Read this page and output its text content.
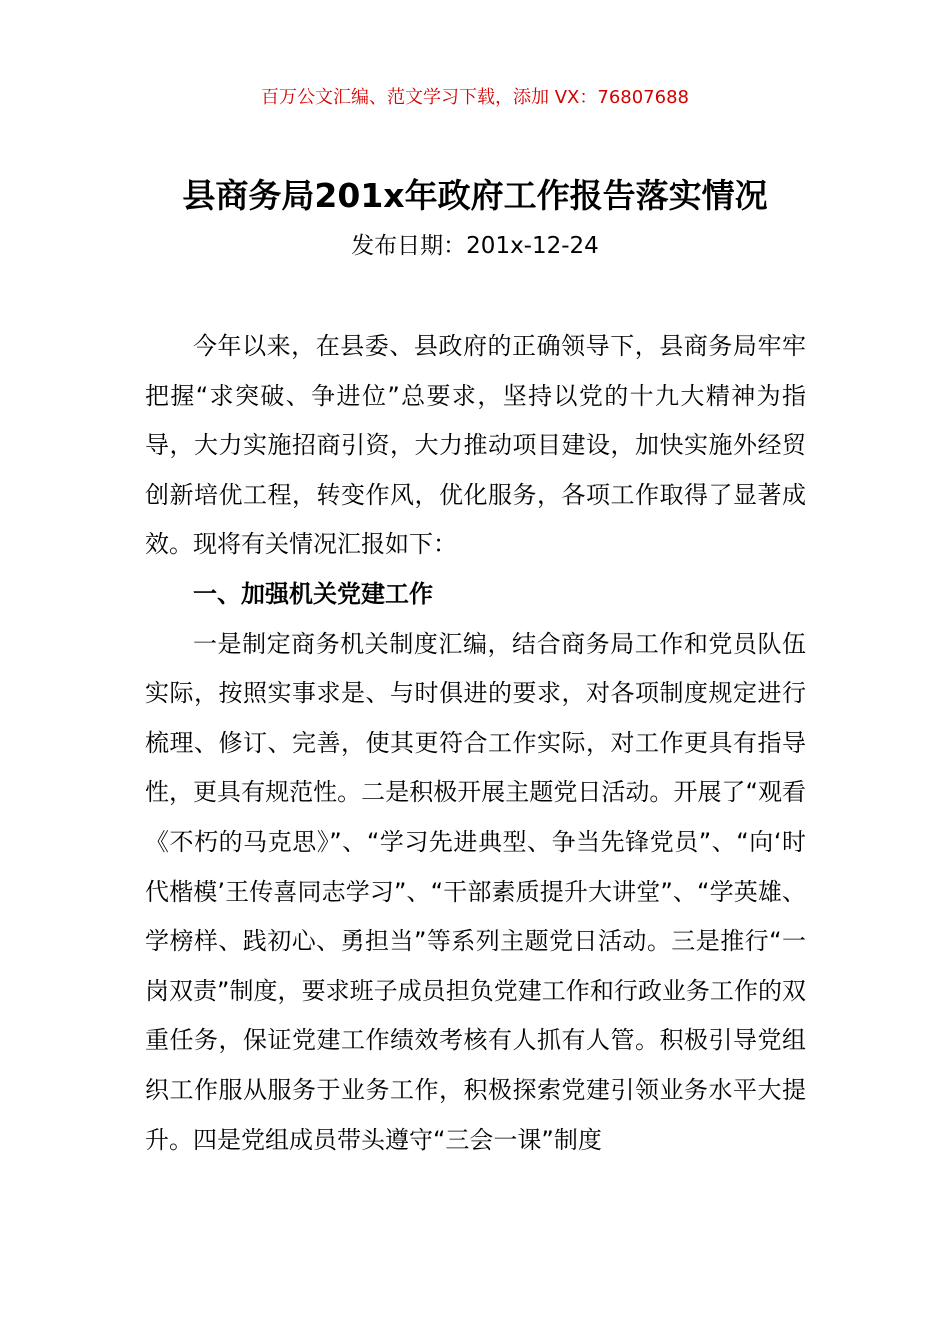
百万公文汇编、范文学习下载，添加 VX：76807688
县商务局201x年政府工作报告落实情况
发布日期：201x-12-24

今年以来，在县委、县政府的正确领导下，县商务局牢牢把握“求突破、争进位”总要求，坚持以党的十九大精神为指导，大力实施招商引资，大力推动项目建设，加快实施外经贸创新培优工程，转变作风，优化服务，各项工作取得了显著成效。现将有关情况汇报如下：

一、加强机关党建工作

一是制定商务机关制度汇编，结合商务局工作和党员队伍实际，按照实事求是、与时俱进的要求，对各项制度规定进行梳理、修订、完善，使其更符合工作实际，对工作更具有指导性，更具有规范性。二是积极开展主题党日活动。开展了“观看《不朽的马克思》”、“学习先进典型、争当先锋党员”、“向‘时代楷模’王传喜同志学习”、“干部素质提升大讲堂”、“学英雄、学榜样、践初心、勇担当”等系列主题党日活动。三是推行“一岗双责”制度，要求班子成员担负党建工作和行政业务工作的双重任务，保证党建工作绩效考核有人抓有人管。积极引导党组织工作服从服务于业务工作，积极探索党建引领业务水平大提升。四是党组成员带头遵守“三会一课”制度
